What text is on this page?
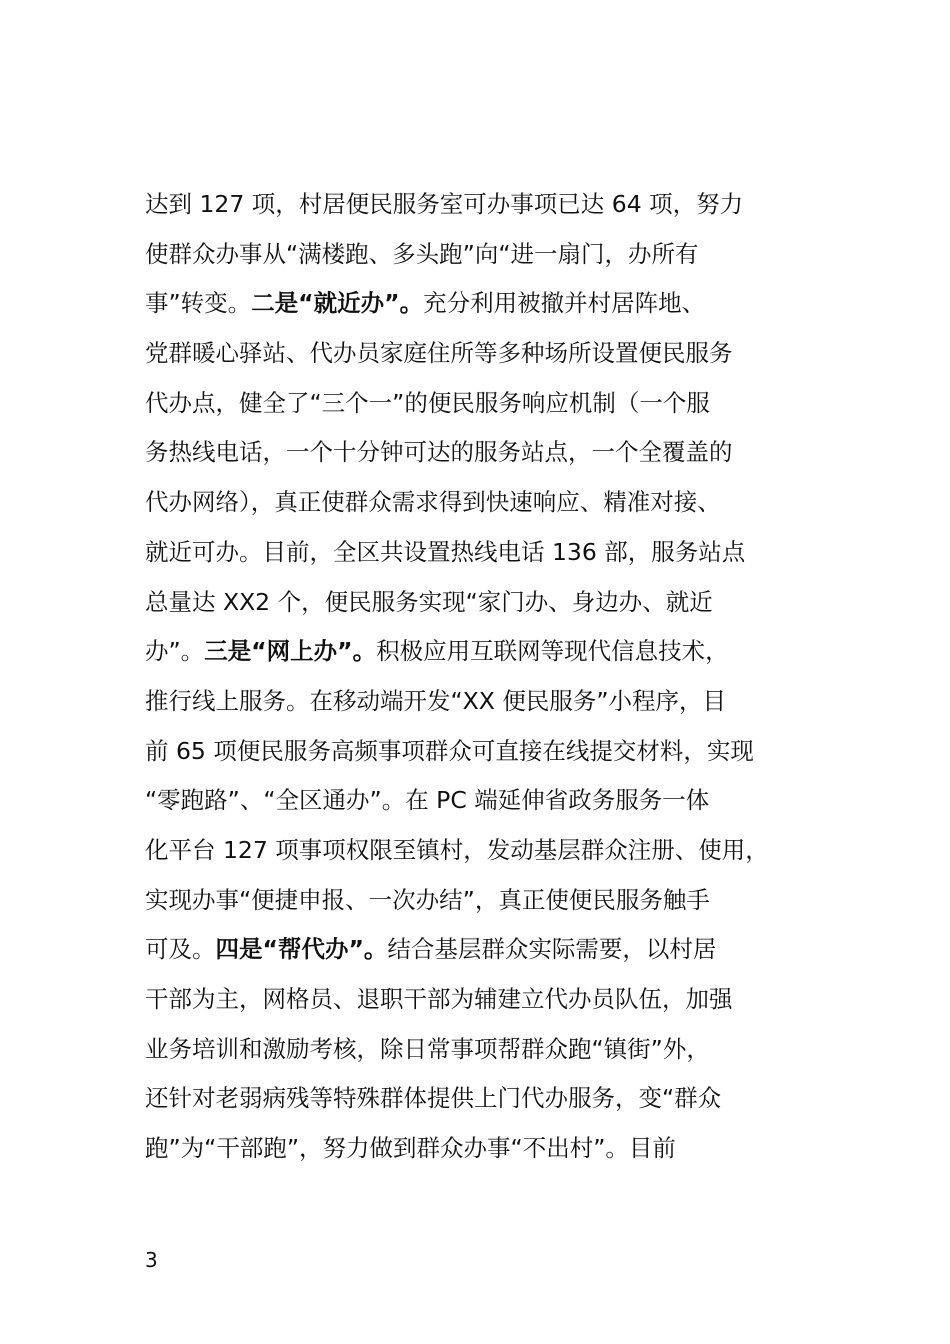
达到 127 项，村居便民服务室可办事项已达 64 项，努力
使群众办事从“满楼跑、多头跑”向“进一扇门，办所有
事”转变。二是“就近办”。充分利用被撤并村居阵地、
党群暖心驿站、代办员家庭住所等多种场所设置便民服务
代办点，健全了“三个一”的便民服务响应机制（一个服
务热线电话，一个十分钟可达的服务站点，一个全覆盖的
代办网络），真正使群众需求得到快速响应、精准对接、
就近可办。目前，全区共设置热线电话 136 部，服务站点
总量达 XX2 个，便民服务实现“家门办、身边办、就近
办”。三是“网上办”。积极应用互联网等现代信息技术，
推行线上服务。在移动端开发“XX 便民服务”小程序，目
前 65 项便民服务高频事项群众可直接在线提交材料，实现
“零跑路”、“全区通办”。在 PC 端延伸省政务服务一体
化平台 127 项事项权限至镇村，发动基层群众注册、使用，
实现办事“便捷申报、一次办结”，真正使便民服务触手
可及。四是“帮代办”。结合基层群众实际需要，以村居
干部为主，网格员、退职干部为辅建立代办员队伍，加强
业务培训和激励考核，除日常事项帮群众跑“镇街”外，
还针对老弱病残等特殊群体提供上门代办服务，变“群众
跑”为“干部跑”，努力做到群众办事“不出村”。目前

3
